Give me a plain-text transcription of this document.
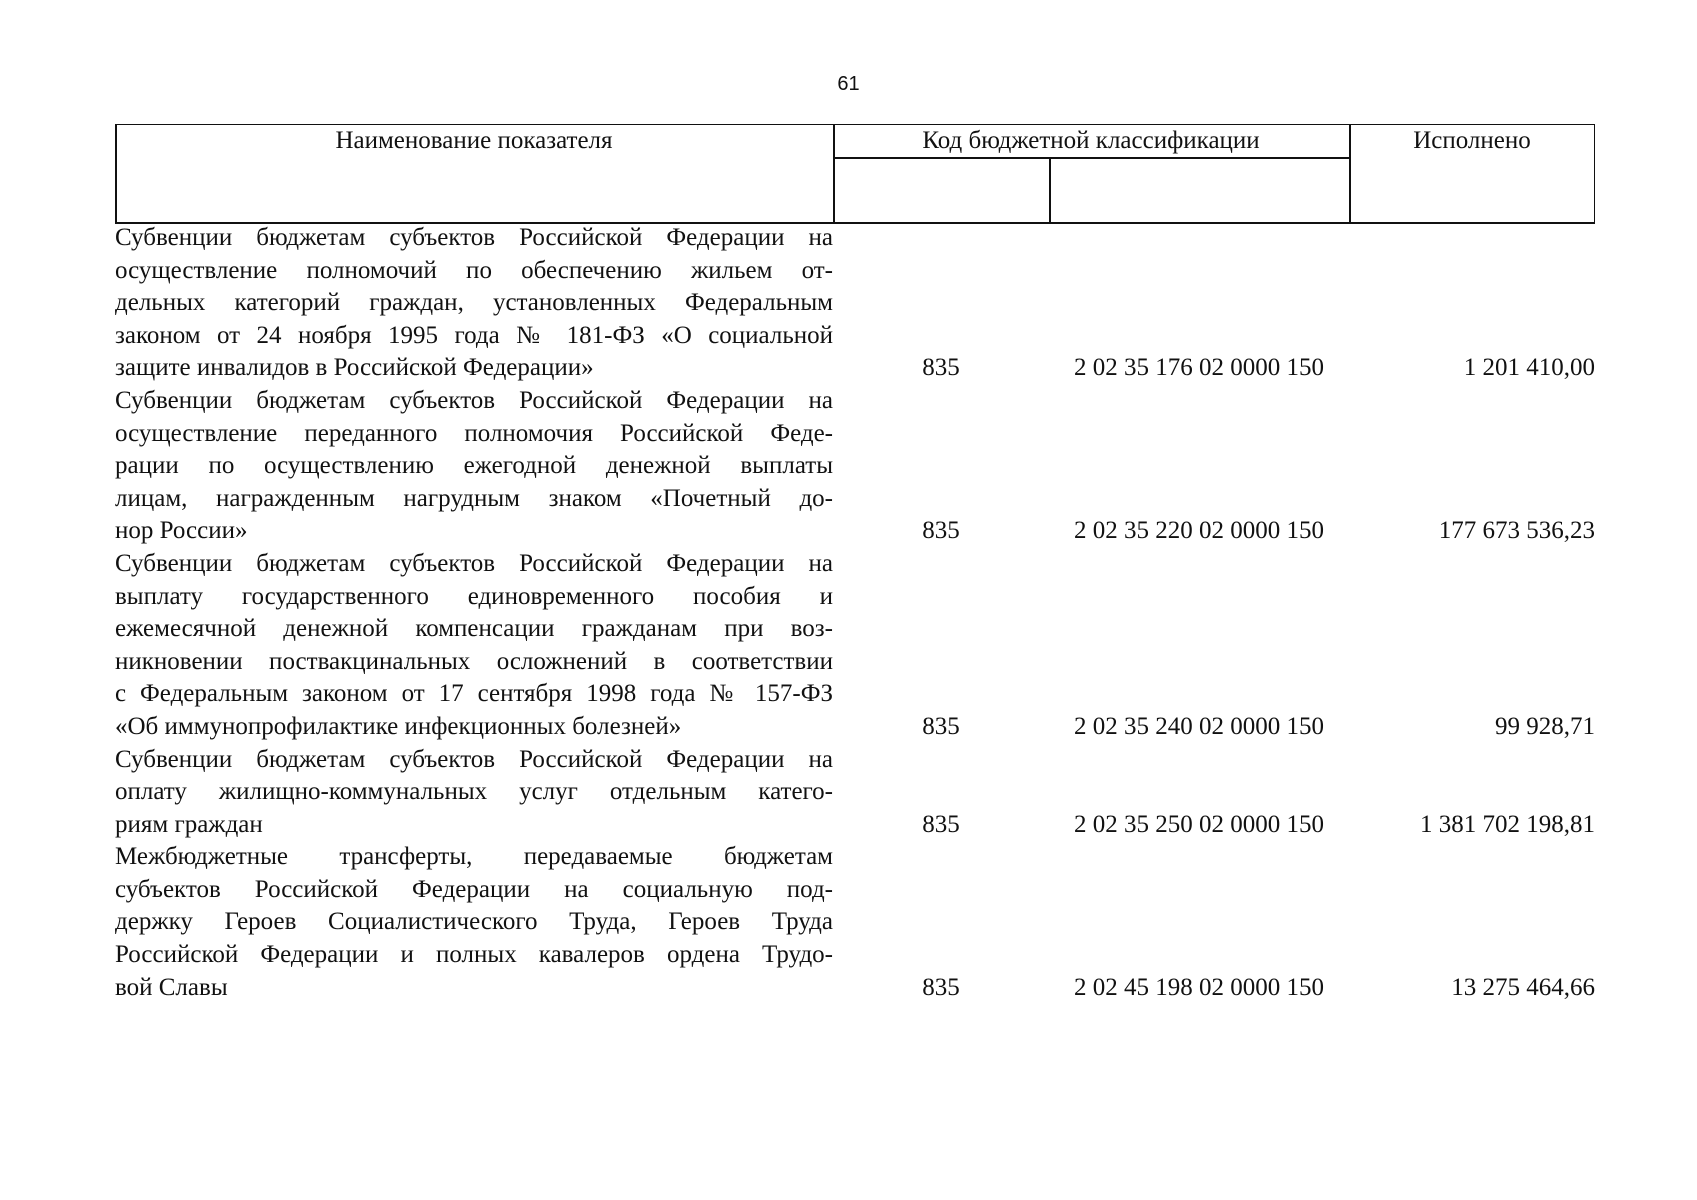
61
Наименование показателя	Код бюджетной классификации	Исполнено
Субвенции бюджетам субъектов Российской Федерации на
осуществление полномочий по обеспечению жильем от-
дельных категорий граждан, установленных Федеральным
законом от 24 ноября 1995 года № 181-ФЗ «О социальной
защите инвалидов в Российской Федерации»	835	2 02 35 176 02 0000 150	1 201 410,00
Субвенции бюджетам субъектов Российской Федерации на
осуществление переданного полномочия Российской Феде-
рации по осуществлению ежегодной денежной выплаты
лицам, награжденным нагрудным знаком «Почетный до-
нор России»	835	2 02 35 220 02 0000 150	177 673 536,23
Субвенции бюджетам субъектов Российской Федерации на
выплату государственного единовременного пособия и
ежемесячной денежной компенсации гражданам при воз-
никновении поствакцинальных осложнений в соответствии
с Федеральным законом от 17 сентября 1998 года № 157-ФЗ
«Об иммунопрофилактике инфекционных болезней»	835	2 02 35 240 02 0000 150	99 928,71
Субвенции бюджетам субъектов Российской Федерации на
оплату жилищно-коммунальных услуг отдельным катего-
риям граждан	835	2 02 35 250 02 0000 150	1 381 702 198,81
Межбюджетные трансферты, передаваемые бюджетам
субъектов Российской Федерации на социальную под-
держку Героев Социалистического Труда, Героев Труда
Российской Федерации и полных кавалеров ордена Трудо-
вой Славы	835	2 02 45 198 02 0000 150	13 275 464,66
